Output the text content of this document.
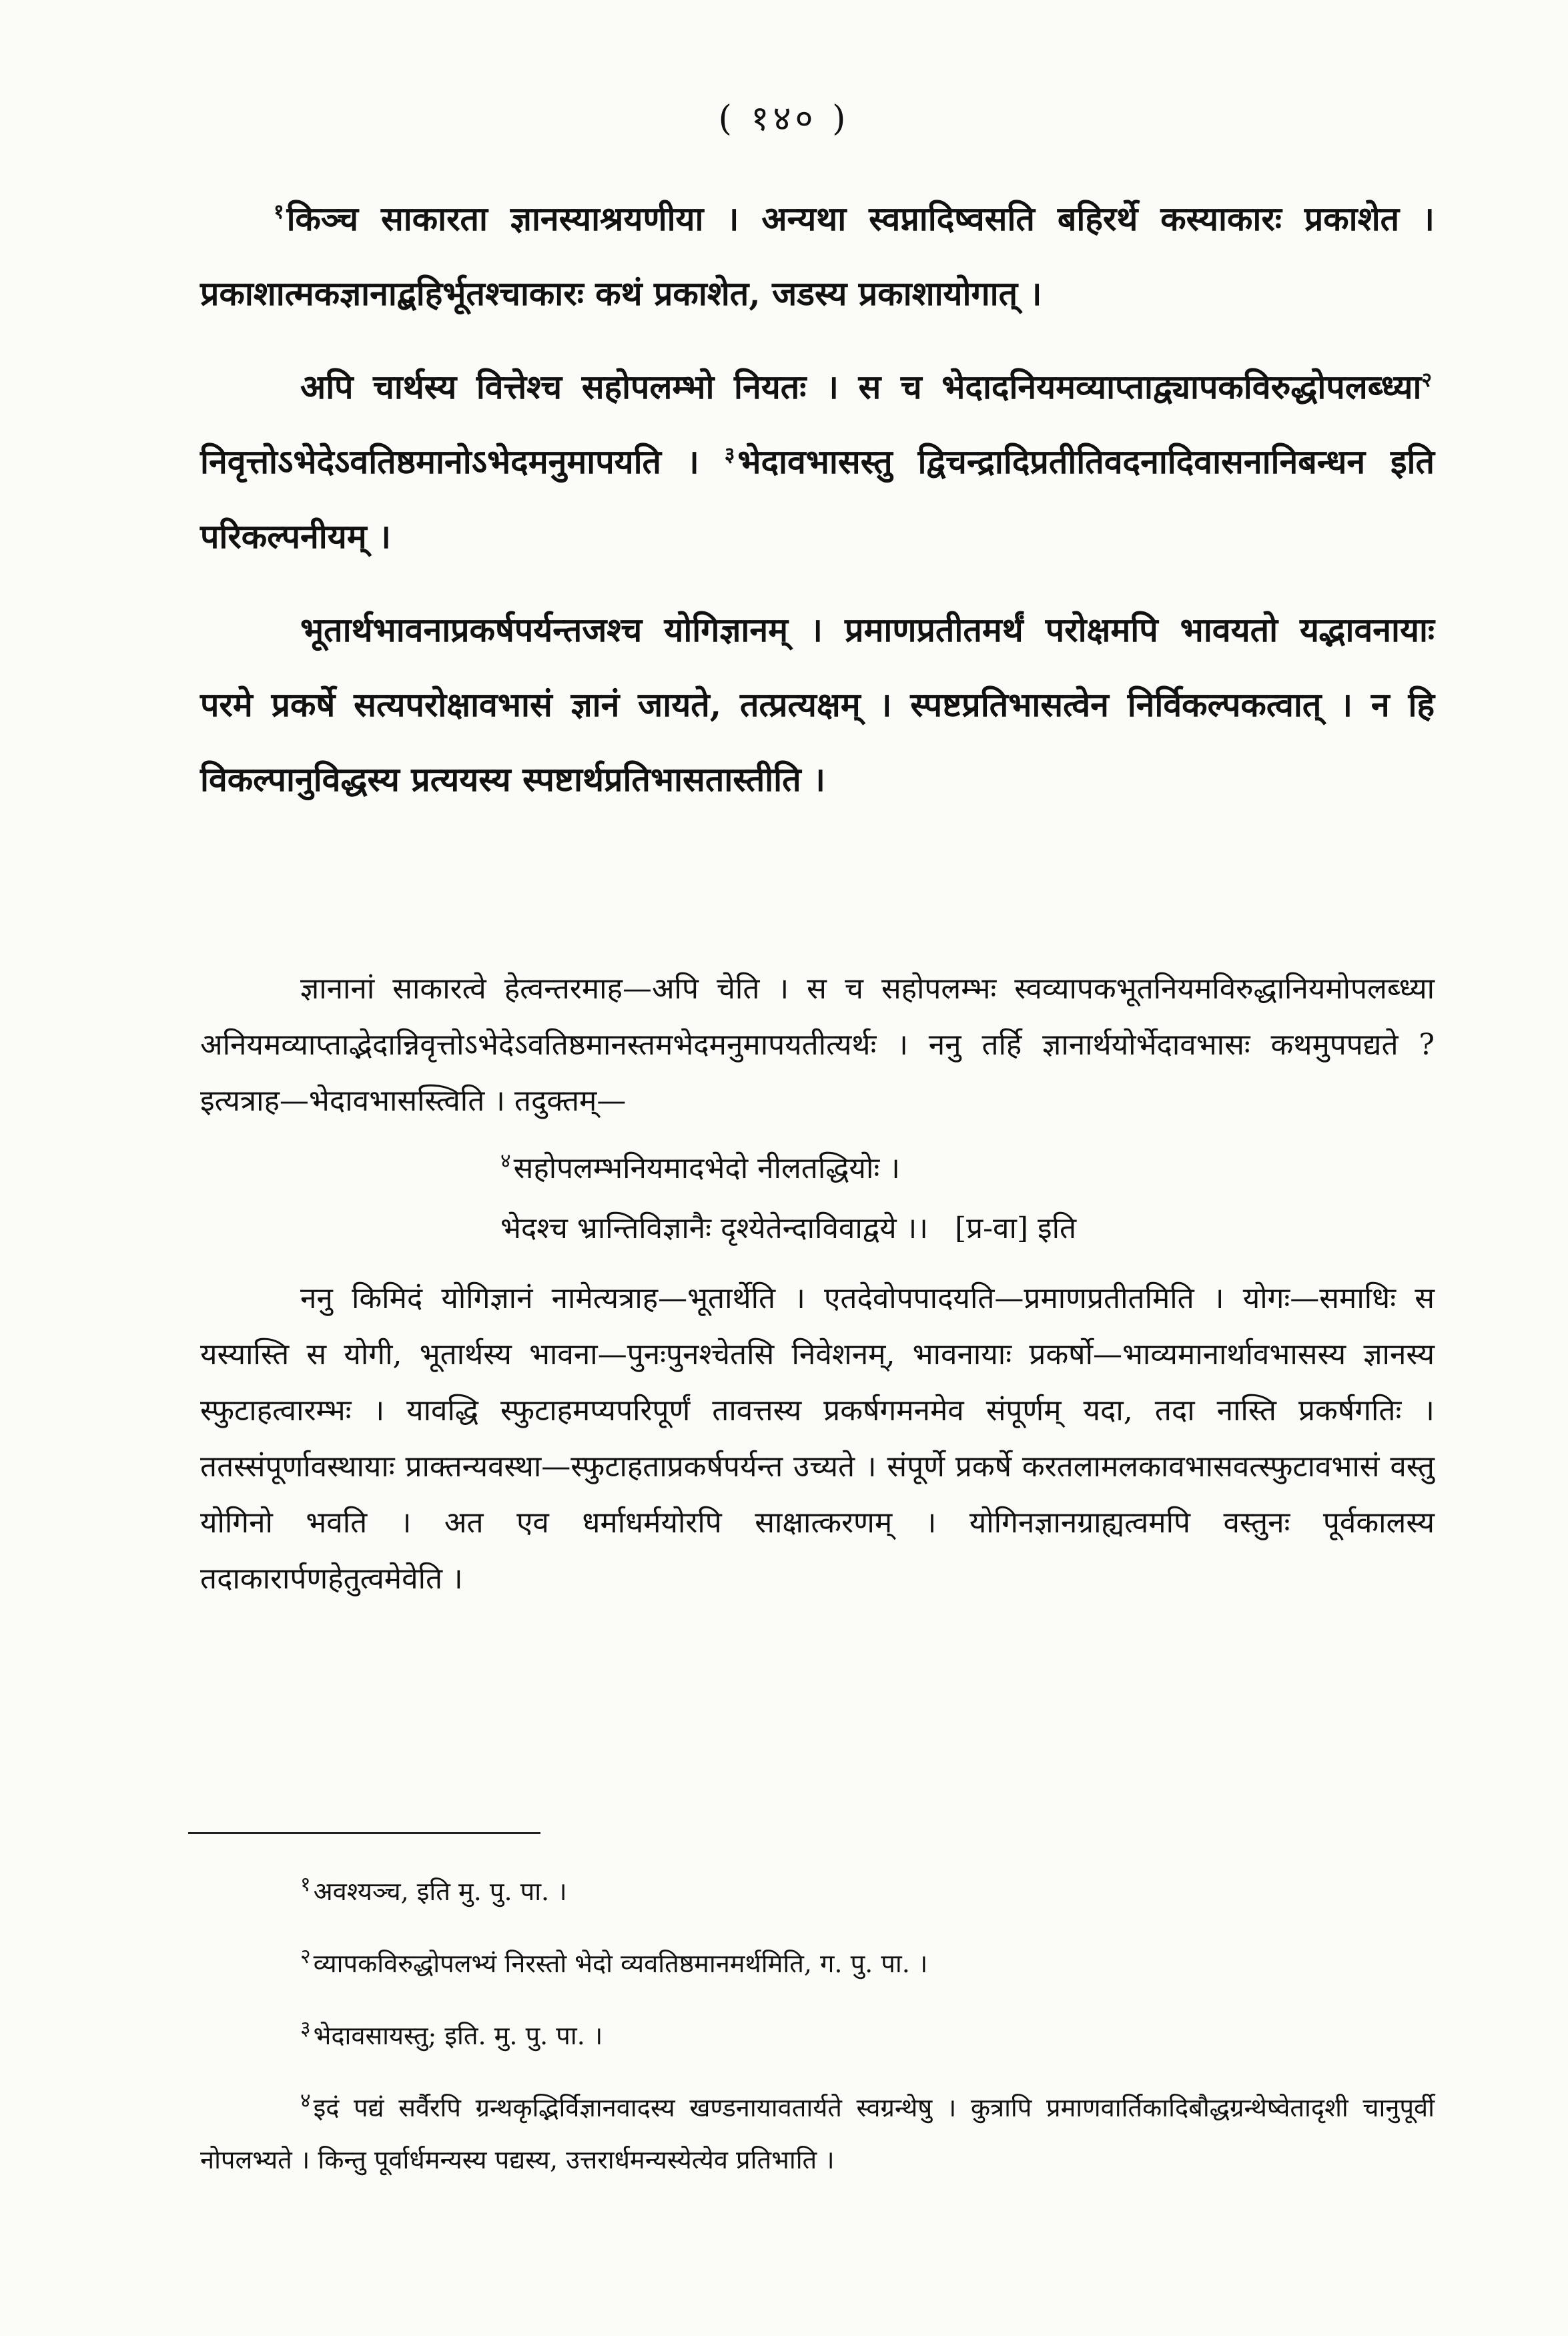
( १४० )

$^१$किञ्च साकारता ज्ञानस्याश्रयणीया । अन्यथा स्वप्नादिष्वसति बहिरर्थे कस्याकारः प्रकाशेत । प्रकाशात्मकज्ञानाद्बहिर्भूतश्चाकारः कथं प्रकाशेत, जडस्य प्रकाशायोगात् ।

अपि चार्थस्य वित्तेश्च सहोपलम्भो नियतः । स च भेदादनियमव्याप्ताद्व्यापकविरुद्धोपलब्ध्या$^२$ निवृत्तोऽभेदेऽवतिष्ठमानोऽभेदमनुमापयति । $^३$भेदावभासस्तु द्विचन्द्रादिप्रतीतिवदनादिवासनानिबन्धन इति परिकल्पनीयम् ।

भूतार्थभावनाप्रकर्षपर्यन्तजश्च योगिज्ञानम् । प्रमाणप्रतीतमर्थं परोक्षमपि भावयतो यद्भावनायाः परमे प्रकर्षे सत्यपरोक्षावभासं ज्ञानं जायते, तत्प्रत्यक्षम् । स्पष्टप्रतिभासत्वेन निर्विकल्पकत्वात् । न हि विकल्पानुविद्धस्य प्रत्ययस्य स्पष्टार्थप्रतिभासतास्तीति ।

ज्ञानानां साकारत्वे हेत्वन्तरमाह—अपि चेति । स च सहोपलम्भः स्वव्यापकभूतनियमविरुद्धानियमोपलब्ध्या अनियमव्याप्ताद्भेदान्निवृत्तोऽभेदेऽवतिष्ठमानस्तमभेदमनुमापयतीत्यर्थः । ननु तर्हि ज्ञानार्थयोर्भेदावभासः कथमुपपद्यते ? इत्यत्राह—भेदावभासस्त्विति । तदुक्तम्—

$^४$सहोपलम्भनियमादभेदो नीलतद्धियोः ।
भेदश्च भ्रान्तिविज्ञानैः दृश्येतेन्दाविवाद्वये ।। [प्र-वा] इति

ननु किमिदं योगिज्ञानं नामेत्यत्राह—भूतार्थेति । एतदेवोपपादयति—प्रमाणप्रतीतमिति । योगः—समाधिः स यस्यास्ति स योगी, भूतार्थस्य भावना—पुनःपुनश्चेतसि निवेशनम्, भावनायाः प्रकर्षो—भाव्यमानार्थावभासस्य ज्ञानस्य स्फुटाहत्वारम्भः । यावद्धि स्फुटाहमप्यपरिपूर्णं तावत्तस्य प्रकर्षगमनमेव संपूर्णम् यदा, तदा नास्ति प्रकर्षगतिः । ततस्संपूर्णावस्थायाः प्राक्तन्यवस्था—स्फुटाहताप्रकर्षपर्यन्त उच्यते । संपूर्णे प्रकर्षे करतलामलकावभासवत्स्फुटावभासं वस्तु योगिनो भवति । अत एव धर्माधर्मयोरपि साक्षात्करणम् । योगिनज्ञानग्राह्यत्वमपि वस्तुनः पूर्वकालस्य तदाकारार्पणहेतुत्वमेवेति ।

$^१$ अवश्यञ्च, इति मु. पु. पा. ।

$^२$ व्यापकविरुद्धोपलभ्यं निरस्तो भेदो व्यवतिष्ठमानमर्थमिति, ग. पु. पा. ।

$^३$ भेदावसायस्तु; इति. मु. पु. पा. ।

$^४$ इदं पद्यं सर्वैरपि ग्रन्थकृद्भिर्विज्ञानवादस्य खण्डनायावतार्यते स्वग्रन्थेषु । कुत्रापि प्रमाणवार्तिकादिबौद्धग्रन्थेष्वेतादृशी चानुपूर्वी नोपलभ्यते । किन्तु पूर्वार्धमन्यस्य पद्यस्य, उत्तरार्धमन्यस्येत्येव प्रतिभाति ।
